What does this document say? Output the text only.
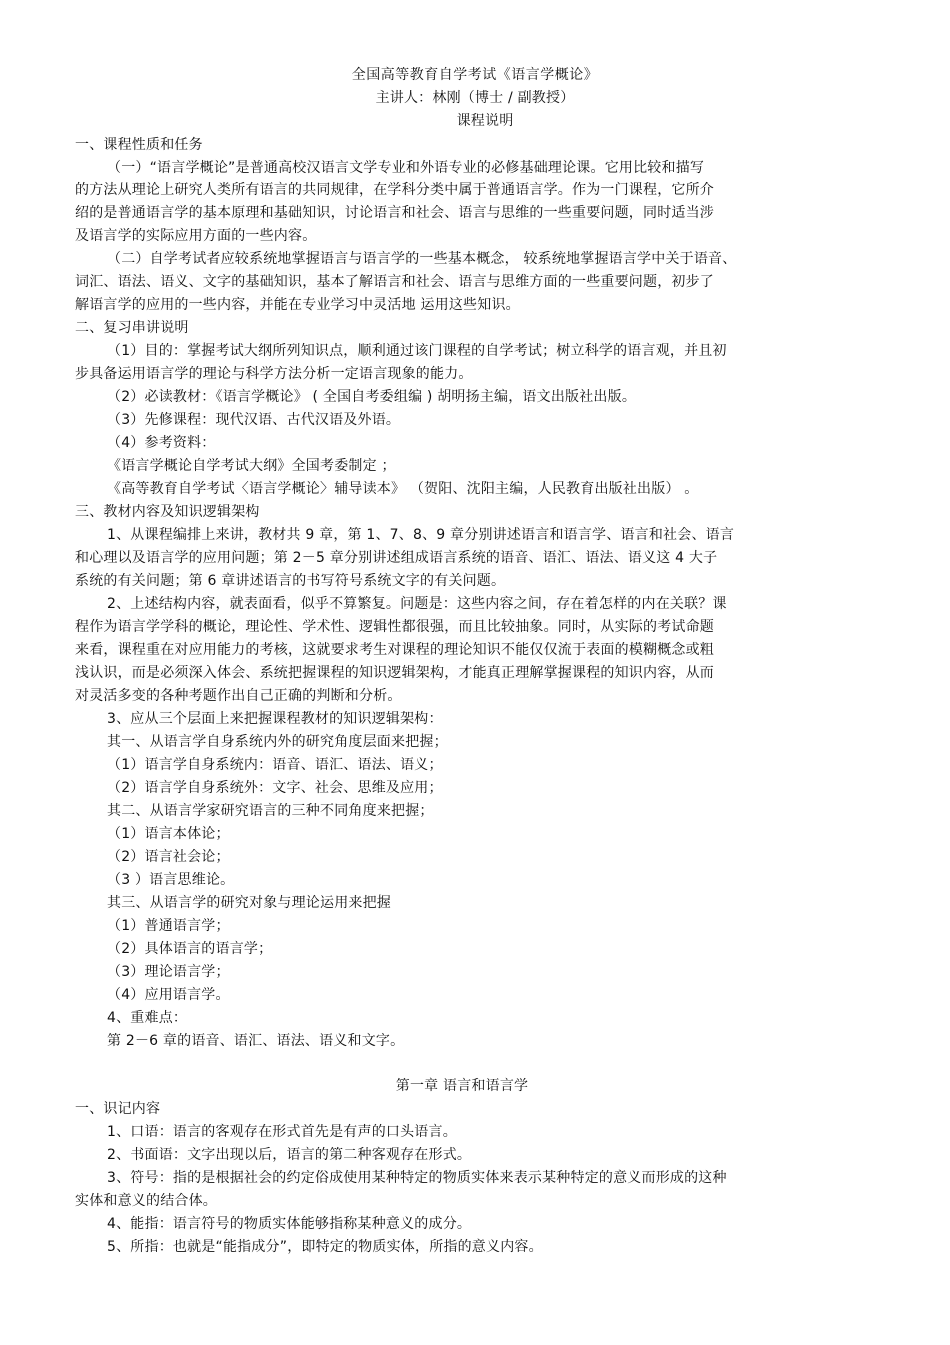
全国高等教育自学考试《语言学概论》
主讲人：林刚（博士 / 副教授）
课程说明
一、课程性质和任务
（一）“语言学概论”是普通高校汉语言文学专业和外语专业的必修基础理论课。它用比较和描写
的方法从理论上研究人类所有语言的共同规律，在学科分类中属于普通语言学。作为一门课程，它所介
绍的是普通语言学的基本原理和基础知识，讨论语言和社会、语言与思维的一些重要问题，同时适当涉
及语言学的实际应用方面的一些内容。
（二）自学考试者应较系统地掌握语言与语言学的一些基本概念， 较系统地掌握语言学中关于语音、
词汇、语法、语义、文字的基础知识，基本了解语言和社会、语言与思维方面的一些重要问题，初步了
解语言学的应用的一些内容，并能在专业学习中灵活地 运用这些知识。
二、复习串讲说明
（1）目的：掌握考试大纲所列知识点，顺利通过该门课程的自学考试；树立科学的语言观，并且初
步具备运用语言学的理论与科学方法分析一定语言现象的能力。
（2）必读教材：《语言学概论》 ( 全国自考委组编 ) 胡明扬主编，语文出版社出版。
（3）先修课程：现代汉语、古代汉语及外语。
（4）参考资料：
《语言学概论自学考试大纲》全国考委制定 ；
《高等教育自学考试〈语言学概论〉辅导读本》 （贺阳、沈阳主编，人民教育出版社出版） 。
三、教材内容及知识逻辑架构
1、从课程编排上来讲，教材共 9 章，第 1、7、8、9 章分别讲述语言和语言学、语言和社会、语言
和心理以及语言学的应用问题；第 2－5 章分别讲述组成语言系统的语音、语汇、语法、语义这 4 大子
系统的有关问题；第 6 章讲述语言的书写符号系统文字的有关问题。
2、上述结构内容，就表面看，似乎不算繁复。问题是：这些内容之间，存在着怎样的内在关联？课
程作为语言学学科的概论，理论性、学术性、逻辑性都很强，而且比较抽象。同时，从实际的考试命题
来看，课程重在对应用能力的考核，这就要求考生对课程的理论知识不能仅仅流于表面的模糊概念或粗
浅认识，而是必须深入体会、系统把握课程的知识逻辑架构，才能真正理解掌握课程的知识内容，从而
对灵活多变的各种考题作出自己正确的判断和分析。
3、应从三个层面上来把握课程教材的知识逻辑架构：
其一、从语言学自身系统内外的研究角度层面来把握；
（1）语言学自身系统内：语音、语汇、语法、语义；
（2）语言学自身系统外：文字、社会、思维及应用；
其二、从语言学家研究语言的三种不同角度来把握；
（1）语言本体论；
（2）语言社会论；
（3 ）语言思维论。
其三、从语言学的研究对象与理论运用来把握
（1）普通语言学；
（2）具体语言的语言学；
（3）理论语言学；
（4）应用语言学。
4、重难点：
第 2－6 章的语音、语汇、语法、语义和文字。
第一章 语言和语言学
一、识记内容
1、口语：语言的客观存在形式首先是有声的口头语言。
2、书面语：文字出现以后，语言的第二种客观存在形式。
3、符号：指的是根据社会的约定俗成使用某种特定的物质实体来表示某种特定的意义而形成的这种
实体和意义的结合体。
4、能指：语言符号的物质实体能够指称某种意义的成分。
5、所指：也就是“能指成分”，即特定的物质实体，所指的意义内容。
